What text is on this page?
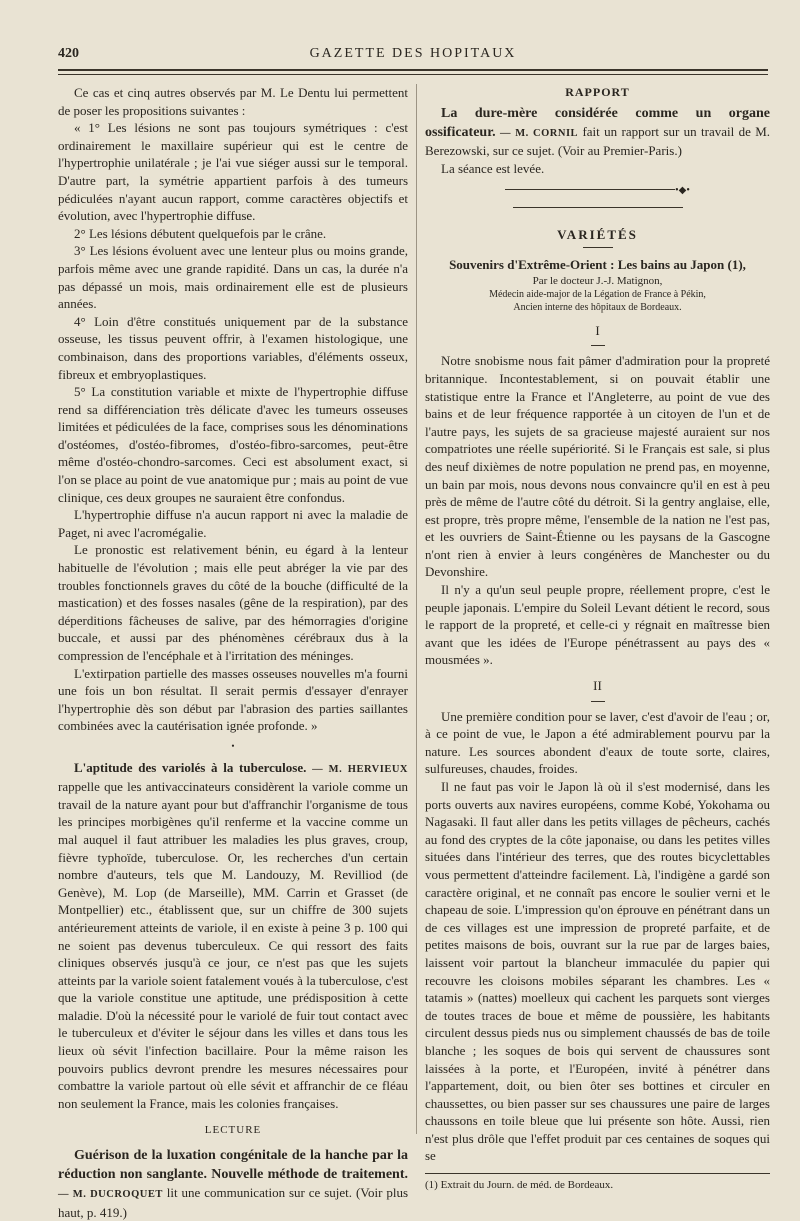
420	GAZETTE DES HOPITAUX

Ce cas et cinq autres observés par M. Le Dentu lui permettent de poser les propositions suivantes :

« 1° Les lésions ne sont pas toujours symétriques : c'est ordinairement le maxillaire supérieur qui est le centre de l'hypertrophie unilatérale ; je l'ai vue siéger aussi sur le temporal. D'autre part, la symétrie appartient parfois à des tumeurs pédiculées n'ayant aucun rapport, comme caractères objectifs et évolution, avec l'hypertrophie diffuse.

2° Les lésions débutent quelquefois par le crâne.

3° Les lésions évoluent avec une lenteur plus ou moins grande, parfois même avec une grande rapidité. Dans un cas, la durée n'a pas dépassé un mois, mais ordinairement elle est de plusieurs années.

4° Loin d'être constitués uniquement par de la substance osseuse, les tissus peuvent offrir, à l'examen histologique, une combinaison, dans des proportions variables, d'éléments osseux, fibreux et embryoplastiques.

5° La constitution variable et mixte de l'hypertrophie diffuse rend sa différenciation très délicate d'avec les tumeurs osseuses limitées et pédiculées de la face, comprises sous les dénominations d'ostéomes, d'ostéo-fibromes, d'ostéo-fibro-sarcomes, peut-être même d'ostéo-chondro-sarcomes. Ceci est absolument exact, si l'on se place au point de vue anatomique pur ; mais au point de vue clinique, ces deux groupes ne sauraient être confondus.

L'hypertrophie diffuse n'a aucun rapport ni avec la maladie de Paget, ni avec l'acromégalie.

Le pronostic est relativement bénin, eu égard à la lenteur habituelle de l'évolution ; mais elle peut abréger la vie par des troubles fonctionnels graves du côté de la bouche (difficulté de la mastication) et des fosses nasales (gêne de la respiration), par des déperditions fâcheuses de salive, par des hémorragies d'origine buccale, et aussi par des phénomènes cérébraux dus à la compression de l'encéphale et à l'irritation des méninges.

L'extirpation partielle des masses osseuses nouvelles m'a fourni une fois un bon résultat. Il serait permis d'essayer d'enrayer l'hypertrophie dès son début par l'abrasion des parties saillantes combinées avec la cautérisation ignée profonde. »

•

L'aptitude des variolés à la tuberculose. — M. HERVIEUX rappelle que les antivaccinateurs considèrent la variole comme un travail de la nature ayant pour but d'affranchir l'organisme de tous les principes morbigènes qu'il renferme et la vaccine comme un mal auquel il faut attribuer les maladies les plus graves, croup, fièvre typhoïde, tuberculose. Or, les recherches d'un certain nombre d'auteurs, tels que M. Landouzy, M. Revilliod (de Genève), M. Lop (de Marseille), MM. Carrin et Grasset (de Montpellier) etc., établissent que, sur un chiffre de 300 sujets antérieurement atteints de variole, il en existe à peine 3 p. 100 qui ne soient pas devenus tuberculeux. Ce qui ressort des faits cliniques observés jusqu'à ce jour, ce n'est pas que les sujets atteints par la variole soient fatalement voués à la tuberculose, c'est que la variole constitue une aptitude, une prédisposition à cette maladie. D'où la nécessité pour le variolé de fuir tout contact avec le tuberculeux et d'éviter le séjour dans les villes et dans tous les lieux où sévit l'infection bacillaire. Pour la même raison les pouvoirs publics devront prendre les mesures nécessaires pour combattre la variole partout où elle sévit et affranchir de ce fléau non seulement la France, mais les colonies françaises.

LECTURE

Guérison de la luxation congénitale de la hanche par la réduction non sanglante. Nouvelle méthode de traitement. — M. DUCROQUET lit une communication sur ce sujet. (Voir plus haut, p. 419.)

RAPPORT

La dure-mère considérée comme un organe ossificateur. — M. CORNIL fait un rapport sur un travail de M. Berezowski, sur ce sujet. (Voir au Premier-Paris.)

La séance est levée.

•◆•
VARIÉTÉS

Souvenirs d'Extrême-Orient : Les bains au Japon (1),

Par le docteur J.-J. Matignon,
Médecin aide-major de la Légation de France à Pékin,
Ancien interne des hôpitaux de Bordeaux.
I

Notre snobisme nous fait pâmer d'admiration pour la propreté britannique. Incontestablement, si on pouvait établir une statistique entre la France et l'Angleterre, au point de vue des bains et de leur fréquence rapportée à un citoyen de l'un et de l'autre pays, les sujets de sa gracieuse majesté auraient sur nos compatriotes une réelle supériorité. Si le Français est sale, si plus des neuf dixièmes de notre population ne prend pas, en moyenne, un bain par mois, nous devons nous convaincre qu'il en est à peu près de même de l'autre côté du détroit. Si la gentry anglaise, elle, est propre, très propre même, l'ensemble de la nation ne l'est pas, et les ouvriers de Saint-Étienne ou les paysans de la Gascogne n'ont rien à envier à leurs congénères de Manchester ou du Devonshire.

Il n'y a qu'un seul peuple propre, réellement propre, c'est le peuple japonais. L'empire du Soleil Levant détient le record, sous le rapport de la propreté, et celle-ci y régnait en maîtresse bien avant que les idées de l'Europe pénétrassent au pays des « mousmées ».

II

Une première condition pour se laver, c'est d'avoir de l'eau ; or, à ce point de vue, le Japon a été admirablement pourvu par la nature. Les sources abondent d'eaux de toute sorte, claires, sulfureuses, chaudes, froides.

Il ne faut pas voir le Japon là où il s'est modernisé, dans les ports ouverts aux navires européens, comme Kobé, Yokohama ou Nagasaki. Il faut aller dans les petits villages de pêcheurs, cachés au fond des cryptes de la côte japonaise, ou dans les petites villes situées dans l'intérieur des terres, que des routes bicyclettables vous permettent d'atteindre facilement. Là, l'indigène a gardé son caractère original, et ne connaît pas encore le soulier verni et le chapeau de soie. L'impression qu'on éprouve en pénétrant dans un de ces villages est une impression de propreté parfaite, et de petites maisons de bois, ouvrant sur la rue par de larges baies, laissent voir partout la blancheur immaculée du papier qui recouvre les cloisons mobiles séparant les chambres. Les « tatamis » (nattes) moelleux qui cachent les parquets sont vierges de toutes traces de boue et même de poussière, les habitants circulent dessus pieds nus ou simplement chaussés de bas de toile blanche ; les soques de bois qui servent de chaussures sont laissées à la porte, et l'Européen, invité à pénétrer dans l'appartement, doit, ou bien ôter ses bottines et circuler en chaussettes, ou bien passer sur ses chaussures une paire de larges chaussons en toile bleue que lui présente son hôte. Aussi, rien n'est plus drôle que l'effet produit par ces centaines de soques qui se

(1) Extrait du Journ. de méd. de Bordeaux.
